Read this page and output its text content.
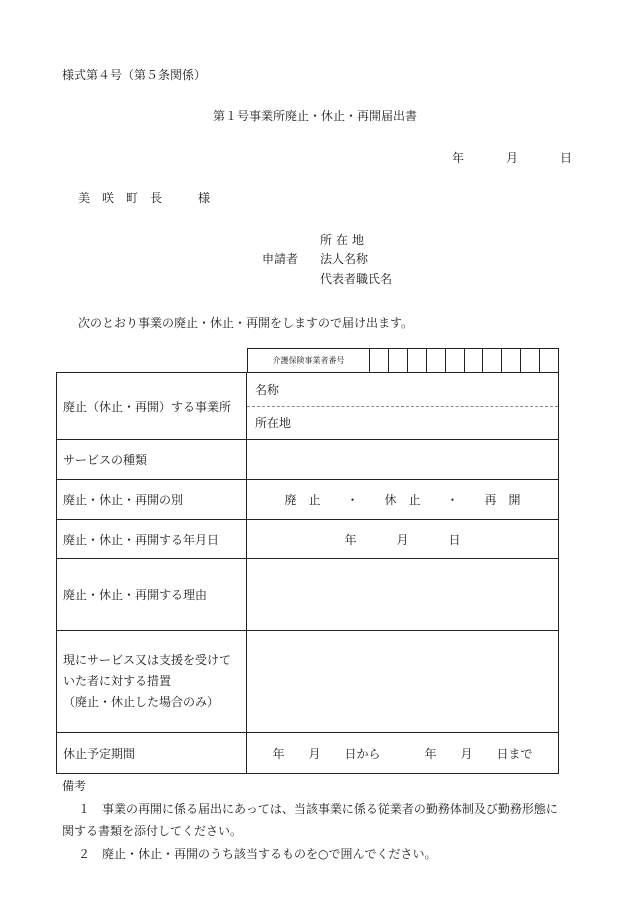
様式第４号（第５条関係）
第１号事業所廃止・休止・再開届出書
年	月	日
美咲町長　様
申請者
所在地
法人名称
代表者職氏名
次のとおり事業の廃止・休止・再開をしますので届け出ます。
介護保険事業者番号
廃止（休止・再開）する事業所
名称
所在地
サービスの種類
廃止・休止・再開の別	廃　止 ・ 休　止 ・ 再　開
廃止・休止・再開する年月日	年	月	日
廃止・休止・再開する理由
現にサービス又は支援を受けて
いた者に対する措置
（廃止・休止した場合のみ）
休止予定期間	年 月 日から	年 月 日まで
備考
１　事業の再開に係る届出にあっては、当該事業に係る従業者の勤務体制及び勤務形態に
関する書類を添付してください。
２　廃止・休止・再開のうち該当するものを○で囲んでください。
